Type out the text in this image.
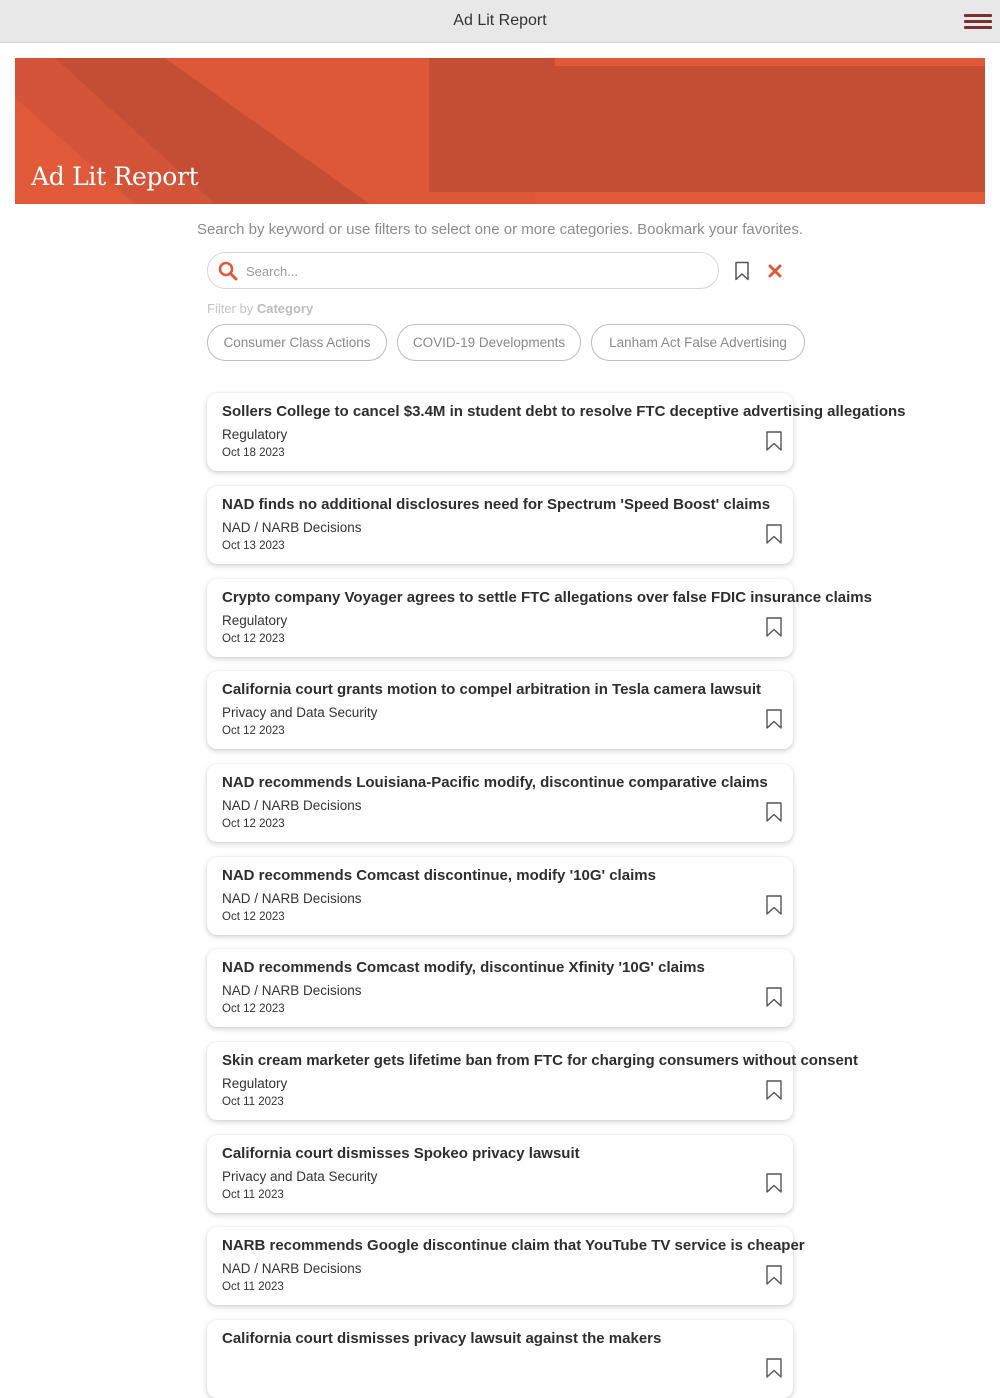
Ad Lit Report
Ad Lit Report
Search by keyword or use filters to select one or more categories. Bookmark your favorites.
Search...
Filter by Category
Consumer Class Actions	COVID-19 Developments	Lanham Act False Advertising
Sollers College to cancel $3.4M in student debt to resolve FTC deceptive advertising allegations
Regulatory
Oct 18 2023
NAD finds no additional disclosures need for Spectrum 'Speed Boost' claims
NAD / NARB Decisions
Oct 13 2023
Crypto company Voyager agrees to settle FTC allegations over false FDIC insurance claims
Regulatory
Oct 12 2023
California court grants motion to compel arbitration in Tesla camera lawsuit
Privacy and Data Security
Oct 12 2023
NAD recommends Louisiana-Pacific modify, discontinue comparative claims
NAD / NARB Decisions
Oct 12 2023
NAD recommends Comcast discontinue, modify '10G' claims
NAD / NARB Decisions
Oct 12 2023
NAD recommends Comcast modify, discontinue Xfinity '10G' claims
NAD / NARB Decisions
Oct 12 2023
Skin cream marketer gets lifetime ban from FTC for charging consumers without consent
Regulatory
Oct 11 2023
California court dismisses Spokeo privacy lawsuit
Privacy and Data Security
Oct 11 2023
NARB recommends Google discontinue claim that YouTube TV service is cheaper
NAD / NARB Decisions
Oct 11 2023
California court dismisses privacy lawsuit against the makers
